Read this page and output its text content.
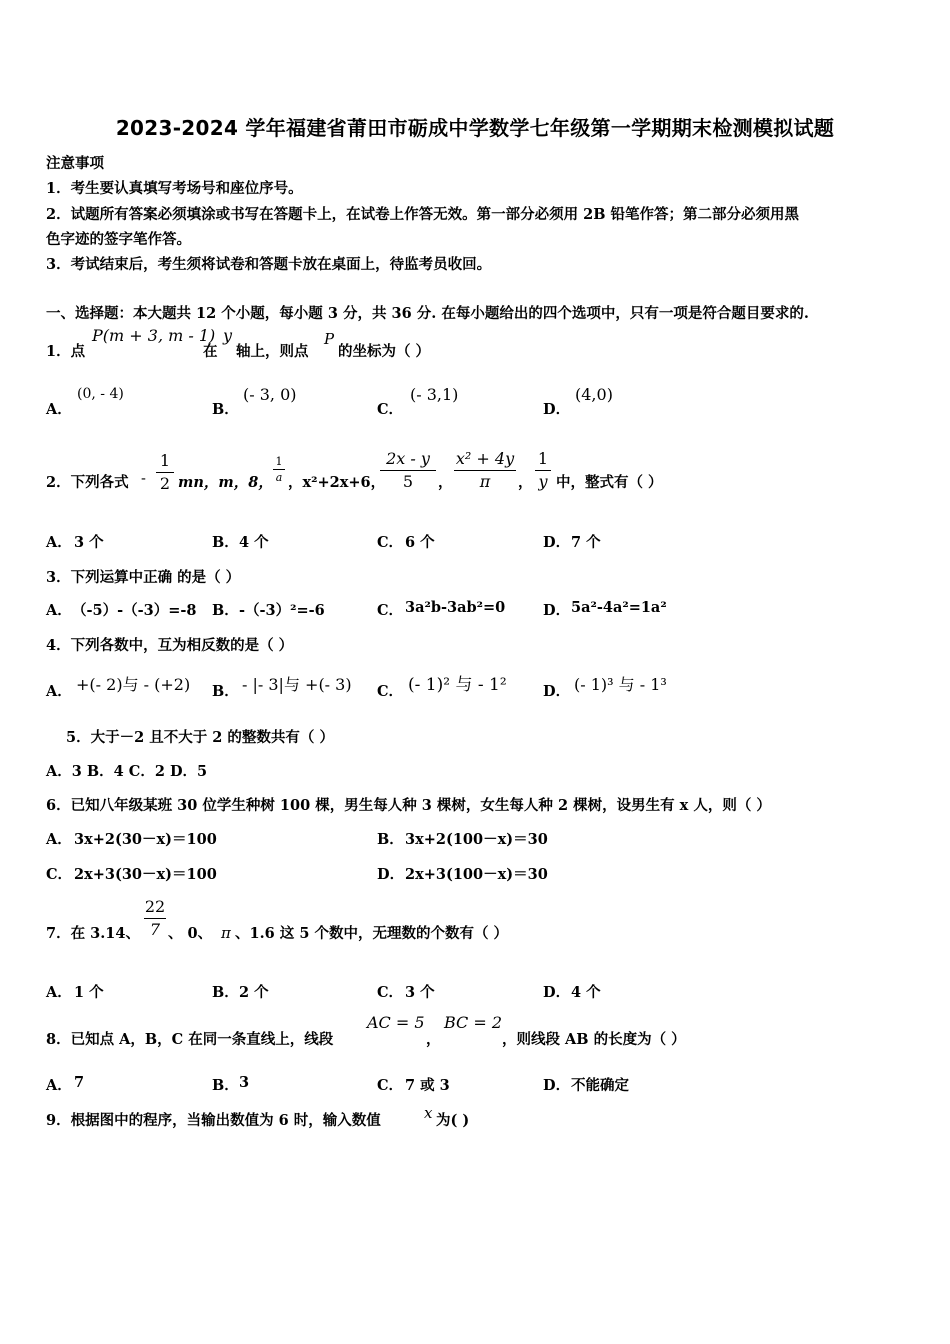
2023-2024 学年福建省莆田市砺成中学数学七年级第一学期期末检测模拟试题
注意事项
1．考生要认真填写考场号和座位序号。
2．试题所有答案必须填涂或书写在答题卡上，在试卷上作答无效。第一部分必须用 2B 铅笔作答；第二部分必须用黑
色字迹的签字笔作答。
3．考试结束后，考生须将试卷和答题卡放在桌面上，待监考员收回。
一、选择题：本大题共 12 个小题，每小题 3 分，共 36 分. 在每小题给出的四个选项中，只有一项是符合题目要求的.
1．点
P(m + 3, m - 1)
在
y
轴上，则点
P
的坐标为（ ）
A．
(0, - 4)
B．
(- 3, 0)
C．
(- 3,1)
D．
(4,0)
2．下列各式 -
1
2 mn，m，8，
1
a ，x²+2x+6，
2x - y
5	，
x² + 4y
π	，
1
y 中，整式有（ ）
A． 3 个	B． 4 个	C． 6 个	D． 7 个
3．下列运算中正确 的是（ ）
A． （-5）-（-3）=-8 B． -（-3）²=-6	C． 3a²b-3ab²=0	D． 5a²-4a²=1a²
4．下列各数中，互为相反数的是（ ）
A． +(- 2)与 - (+2) B． - |- 3|与 +(- 3) C． (- 1)² 与 - 1²	D． (- 1)³ 与 - 1³
5．大于－2 且不大于 2 的整数共有（ ）
A．3 B．4 C．2 D．5
6．已知八年级某班 30 位学生种树 100 棵，男生每人种 3 棵树，女生每人种 2 棵树，设男生有 x 人，则（ ）
A． 3x+2(30－x)＝100	B． 3x+2(100－x)＝30
C． 2x+3(30－x)＝100	D． 2x+3(100－x)＝30
7．在 3.14、
22
7 、 0、 π 、1.6 这 5 个数中，无理数的个数有（ ）
A． 1 个	B． 2 个	C． 3 个	D． 4 个
8．已知点 A，B，C 在同一条直线上，线段
AC = 5
，
BC = 2
，则线段 AB 的长度为（ ）
A． 7	B． 3	C． 7 或 3	D． 不能确定
9．根据图中的程序，当输出数值为 6 时，输入数值	x 为( )
